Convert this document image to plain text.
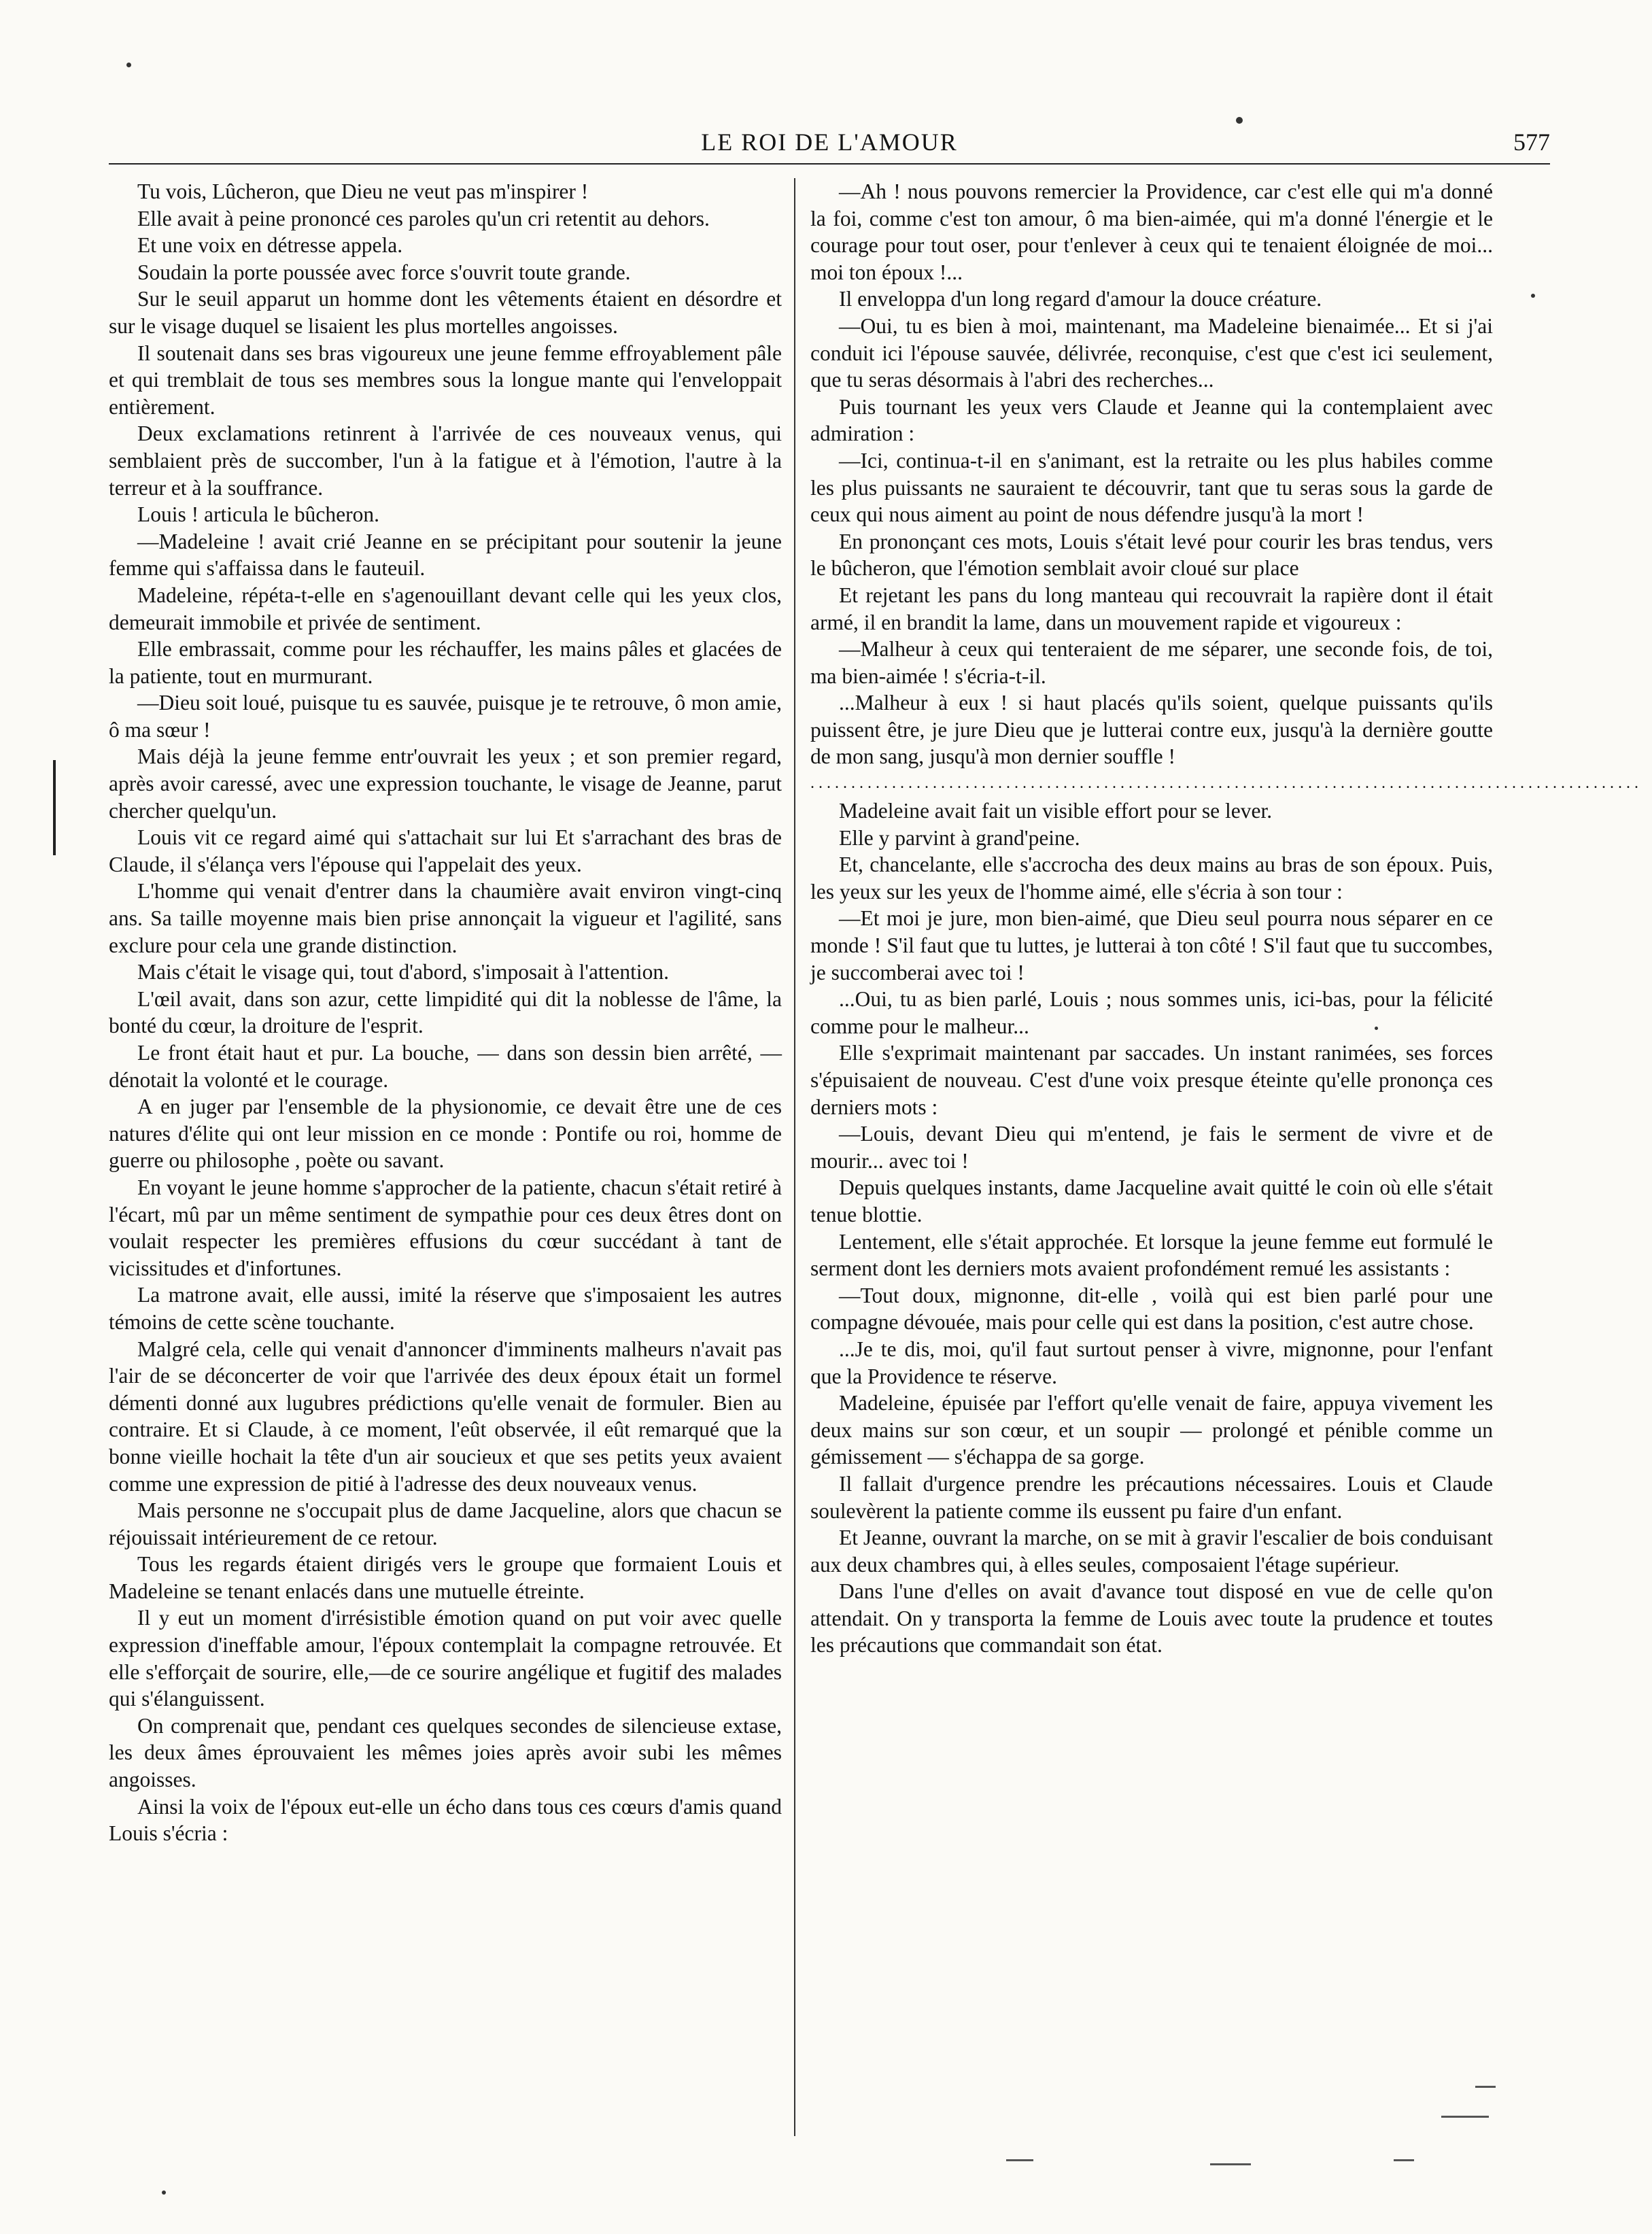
LE ROI DE L'AMOUR	577

Tu vois, Lûcheron, que Dieu ne veut pas m'inspirer !

Elle avait à peine prononcé ces paroles qu'un cri retentit au dehors.

Et une voix en détresse appela.

Soudain la porte poussée avec force s'ouvrit toute grande.

Sur le seuil apparut un homme dont les vêtements étaient en désordre et sur le visage duquel se lisaient les plus mortelles angoisses.

Il soutenait dans ses bras vigoureux une jeune femme effroyablement pâle et qui tremblait de tous ses membres sous la longue mante qui l'enveloppait entièrement.

Deux exclamations retinrent à l'arrivée de ces nouveaux venus, qui semblaient près de succomber, l'un à la fatigue et à l'émotion, l'autre à la terreur et à la souffrance.

Louis ! articula le bûcheron.

—Madeleine ! avait crié Jeanne en se précipitant pour soutenir la jeune femme qui s'affaissa dans le fauteuil.

Madeleine, répéta-t-elle en s'agenouillant devant celle qui les yeux clos, demeurait immobile et privée de sentiment.

Elle embrassait, comme pour les réchauffer, les mains pâles et glacées de la patiente, tout en murmurant.

—Dieu soit loué, puisque tu es sauvée, puisque je te retrouve, ô mon amie, ô ma sœur !

Mais déjà la jeune femme entr'ouvrait les yeux ; et son premier regard, après avoir caressé, avec une expression touchante, le visage de Jeanne, parut chercher quelqu'un.

Louis vit ce regard aimé qui s'attachait sur lui Et s'arrachant des bras de Claude, il s'élança vers l'épouse qui l'appelait des yeux.

L'homme qui venait d'entrer dans la chaumière avait environ vingt-cinq ans. Sa taille moyenne mais bien prise annonçait la vigueur et l'agilité, sans exclure pour cela une grande distinction.

Mais c'était le visage qui, tout d'abord, s'imposait à l'attention.

L'œil avait, dans son azur, cette limpidité qui dit la noblesse de l'âme, la bonté du cœur, la droiture de l'esprit.

Le front était haut et pur. La bouche, — dans son dessin bien arrêté, — dénotait la volonté et le courage.

A en juger par l'ensemble de la physionomie, ce devait être une de ces natures d'élite qui ont leur mission en ce monde : Pontife ou roi, homme de guerre ou philosophe , poète ou savant.

En voyant le jeune homme s'approcher de la patiente, chacun s'était retiré à l'écart, mû par un même sentiment de sympathie pour ces deux êtres dont on voulait respecter les premières effusions du cœur succédant à tant de vicissitudes et d'infortunes.

La matrone avait, elle aussi, imité la réserve que s'imposaient les autres témoins de cette scène touchante.

Malgré cela, celle qui venait d'annoncer d'imminents malheurs n'avait pas l'air de se déconcerter de voir que l'arrivée des deux époux était un formel démenti donné aux lugubres prédictions qu'elle venait de formuler. Bien au contraire. Et si Claude, à ce moment, l'eût observée, il eût remarqué que la bonne vieille hochait la tête d'un air soucieux et que ses petits yeux avaient comme une expression de pitié à l'adresse des deux nouveaux venus.

Mais personne ne s'occupait plus de dame Jacqueline, alors que chacun se réjouissait intérieurement de ce retour.

Tous les regards étaient dirigés vers le groupe que formaient Louis et Madeleine se tenant enlacés dans une mutuelle étreinte.

Il y eut un moment d'irrésistible émotion quand on put voir avec quelle expression d'ineffable amour, l'époux contemplait la compagne retrouvée. Et elle s'efforçait de sourire, elle,—de ce sourire angélique et fugitif des malades qui s'élanguissent.

On comprenait que, pendant ces quelques secondes de silencieuse extase, les deux âmes éprouvaient les mêmes joies après avoir subi les mêmes angoisses.

Ainsi la voix de l'époux eut-elle un écho dans tous ces cœurs d'amis quand Louis s'écria :

—Ah ! nous pouvons remercier la Providence, car c'est elle qui m'a donné la foi, comme c'est ton amour, ô ma bien-aimée, qui m'a donné l'énergie et le courage pour tout oser, pour t'enlever à ceux qui te tenaient éloignée de moi... moi ton époux !...

Il enveloppa d'un long regard d'amour la douce créature.

—Oui, tu es bien à moi, maintenant, ma Madeleine bienaimée... Et si j'ai conduit ici l'épouse sauvée, délivrée, reconquise, c'est que c'est ici seulement, que tu seras désormais à l'abri des recherches...

Puis tournant les yeux vers Claude et Jeanne qui la contemplaient avec admiration :

—Ici, continua-t-il en s'animant, est la retraite ou les plus habiles comme les plus puissants ne sauraient te découvrir, tant que tu seras sous la garde de ceux qui nous aiment au point de nous défendre jusqu'à la mort !

En prononçant ces mots, Louis s'était levé pour courir les bras tendus, vers le bûcheron, que l'émotion semblait avoir cloué sur place

Et rejetant les pans du long manteau qui recouvrait la rapière dont il était armé, il en brandit la lame, dans un mouvement rapide et vigoureux :

—Malheur à ceux qui tenteraient de me séparer, une seconde fois, de toi, ma bien-aimée ! s'écria-t-il.

...Malheur à eux ! si haut placés qu'ils soient, quelque puissants qu'ils puissent être, je jure Dieu que je lutterai contre eux, jusqu'à la dernière goutte de mon sang, jusqu'à mon dernier souffle !

......................................................................................................

Madeleine avait fait un visible effort pour se lever.

Elle y parvint à grand'peine.

Et, chancelante, elle s'accrocha des deux mains au bras de son époux. Puis, les yeux sur les yeux de l'homme aimé, elle s'écria à son tour :

—Et moi je jure, mon bien-aimé, que Dieu seul pourra nous séparer en ce monde ! S'il faut que tu luttes, je lutterai à ton côté ! S'il faut que tu succombes, je succomberai avec toi !

...Oui, tu as bien parlé, Louis ; nous sommes unis, ici-bas, pour la félicité comme pour le malheur...

Elle s'exprimait maintenant par saccades. Un instant ranimées, ses forces s'épuisaient de nouveau. C'est d'une voix presque éteinte qu'elle prononça ces derniers mots :

—Louis, devant Dieu qui m'entend, je fais le serment de vivre et de mourir... avec toi !

Depuis quelques instants, dame Jacqueline avait quitté le coin où elle s'était tenue blottie.

Lentement, elle s'était approchée. Et lorsque la jeune femme eut formulé le serment dont les derniers mots avaient profondément remué les assistants :

—Tout doux, mignonne, dit-elle , voilà qui est bien parlé pour une compagne dévouée, mais pour celle qui est dans la position, c'est autre chose.

...Je te dis, moi, qu'il faut surtout penser à vivre, mignonne, pour l'enfant que la Providence te réserve.

Madeleine, épuisée par l'effort qu'elle venait de faire, appuya vivement les deux mains sur son cœur, et un soupir — prolongé et pénible comme un gémissement — s'échappa de sa gorge.

Il fallait d'urgence prendre les précautions nécessaires. Louis et Claude soulevèrent la patiente comme ils eussent pu faire d'un enfant.

Et Jeanne, ouvrant la marche, on se mit à gravir l'escalier de bois conduisant aux deux chambres qui, à elles seules, composaient l'étage supérieur.

Dans l'une d'elles on avait d'avance tout disposé en vue de celle qu'on attendait. On y transporta la femme de Louis avec toute la prudence et toutes les précautions que commandait son état.
